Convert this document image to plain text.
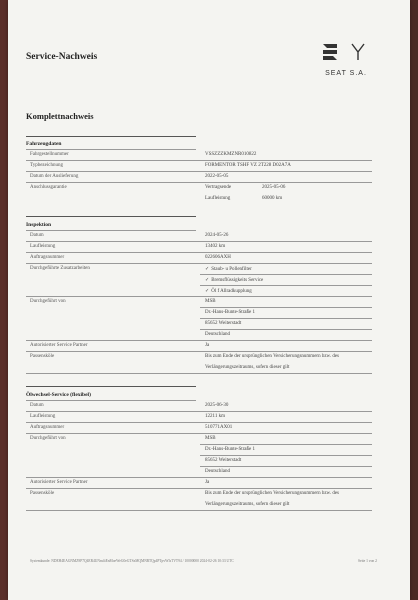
Service-Nachweis
SEAT S.A.
Komplettnachweis
Fahrzeugdaten
Fahrgestellnummer	VSSZZZKMZNR010822
Typbezeichnung	FORMENTOR TSHF VZ 2T228 D02A7A
Datum der Auslieferung	2022-05-05
Anschlussgarantie	Vertragsende	2025-05-06
Laufleistung	60000 km
Inspektion
Datum	2024-05-26
Laufleistung	13402 km
Auftragsnummer	022606AXH
Durchgeführte Zusatzarbeiten	✓ Staub- u Pollenfilter
✓ Bremsflüssigkeits Service
✓ Öl f Allradkupplung
Durchgeführt von	MSB
Dr.-Hans-Bunte-Straße 1
85652 Weiterstadt
Deutschland
Autorisierter Service Partner	Ja
Passensköle	Bis zum Ende der ursprünglichen Versicherungsnummern bzw. des
Verlängerungszeitraums, sofern dieser gilt
Ölwechsel-Service (flexibel)
Datum	2025-06-30
Laufleistung	12211 km
Auftragsnummer	510771AX01
Durchgeführt von	MSB
Dr.-Hans-Bunte-Straße 1
85652 Weiterstadt
Deutschland
Autorisierter Service Partner	Ja
Passensköle	Bis zum Ende der ursprünglichen Versicherungsnummern bzw. des
Verlängerungszeitraums, sofern dieser gilt
Systemkunde: NDEH4EAGNMZ9P7Q4ER4UNm4tEnMoeWeG0eGTSzMQMNRTQp4PTpvWIsTVT94 / 10000000 2024-02-26 10:33 UTC	Seite 1 von 2
